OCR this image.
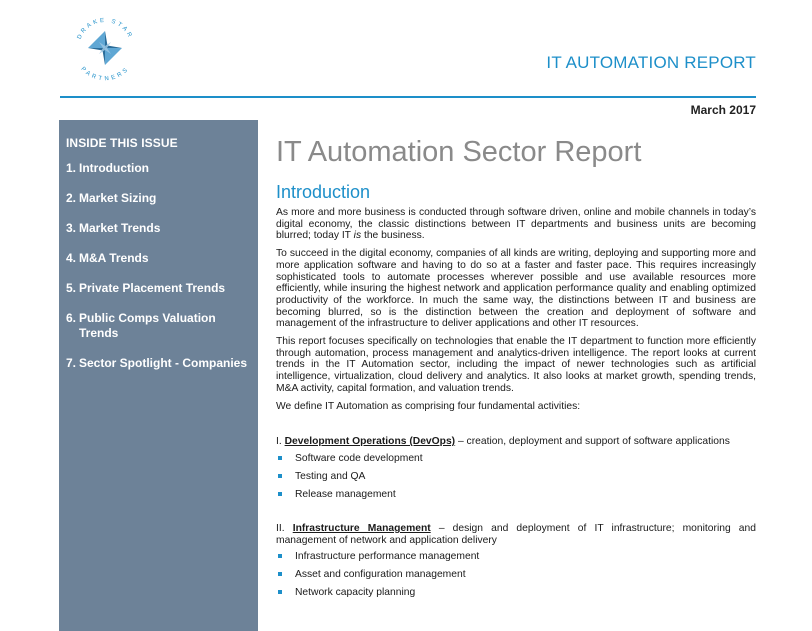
DRAKE STAR
PARTNERS	IT AUTOMATION REPORT
March 2017
INSIDE THIS ISSUE
1. Introduction
2. Market Sizing
3. Market Trends
4. M&A Trends
5. Private Placement Trends
6. Public Comps Valuation Trends
7. Sector Spotlight - Companies
IT Automation Sector Report
Introduction

As more and more business is conducted through software driven, online and mobile channels in today’s digital economy, the classic distinctions between IT departments and business units are becoming blurred; today IT is the business.

To succeed in the digital economy, companies of all kinds are writing, deploying and supporting more and more application software and having to do so at a faster and faster pace. This requires increasingly sophisticated tools to automate processes wherever possible and use available resources more efficiently, while insuring the highest network and application performance quality and enabling optimized productivity of the workforce. In much the same way, the distinctions between IT and business are becoming blurred, so is the distinction between the creation and deployment of software and management of the infrastructure to deliver applications and other IT resources.

This report focuses specifically on technologies that enable the IT department to function more efficiently through automation, process management and analytics-driven intelligence. The report looks at current trends in the IT Automation sector, including the impact of newer technologies such as artificial intelligence, virtualization, cloud delivery and analytics. It also looks at market growth, spending trends, M&A activity, capital formation, and valuation trends.

We define IT Automation as comprising four fundamental activities:

I. Development Operations (DevOps) – creation, deployment and support of software applications

Software code development
Testing and QA
Release management

II. Infrastructure Management – design and deployment of IT infrastructure; monitoring and management of network and application delivery

Infrastructure performance management
Asset and configuration management
Network capacity planning
